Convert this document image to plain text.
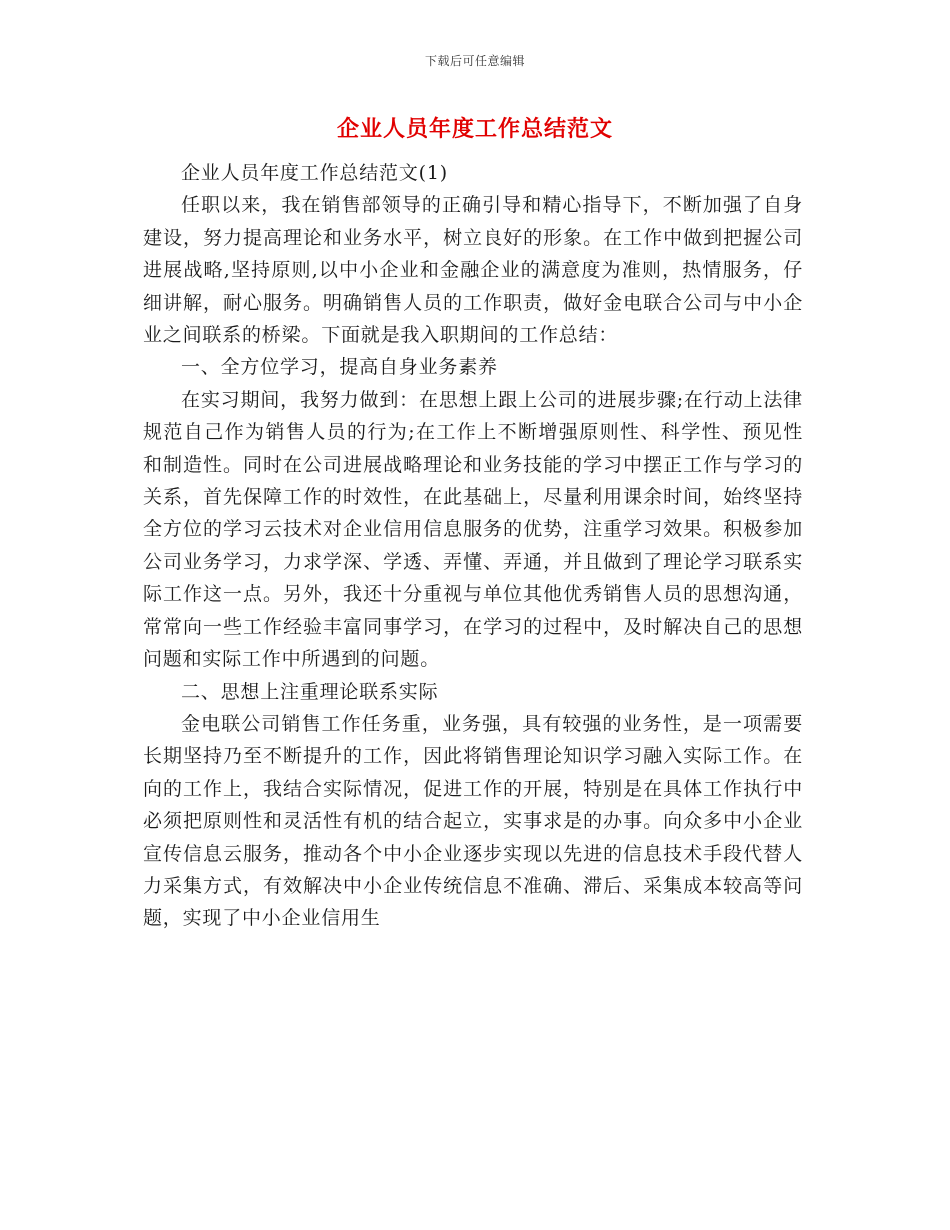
下载后可任意编辑
企业人员年度工作总结范文

企业人员年度工作总结范文(1)

任职以来，我在销售部领导的正确引导和精心指导下，不断加强了自身建设，努力提高理论和业务水平，树立良好的形象。在工作中做到把握公司进展战略,坚持原则,以中小企业和金融企业的满意度为准则，热情服务，仔细讲解，耐心服务。明确销售人员的工作职责，做好金电联合公司与中小企业之间联系的桥梁。下面就是我入职期间的工作总结：

一、全方位学习，提高自身业务素养

在实习期间，我努力做到：在思想上跟上公司的进展步骤;在行动上法律规范自己作为销售人员的行为;在工作上不断增强原则性、科学性、预见性和制造性。同时在公司进展战略理论和业务技能的学习中摆正工作与学习的关系，首先保障工作的时效性，在此基础上，尽量利用课余时间，始终坚持全方位的学习云技术对企业信用信息服务的优势，注重学习效果。积极参加公司业务学习，力求学深、学透、弄懂、弄通，并且做到了理论学习联系实际工作这一点。另外，我还十分重视与单位其他优秀销售人员的思想沟通，常常向一些工作经验丰富同事学习，在学习的过程中，及时解决自己的思想问题和实际工作中所遇到的问题。

二、思想上注重理论联系实际

金电联公司销售工作任务重，业务强，具有较强的业务性，是一项需要长期坚持乃至不断提升的工作，因此将销售理论知识学习融入实际工作。在向的工作上，我结合实际情况，促进工作的开展，特别是在具体工作执行中必须把原则性和灵活性有机的结合起立，实事求是的办事。向众多中小企业宣传信息云服务，推动各个中小企业逐步实现以先进的信息技术手段代替人力采集方式，有效解决中小企业传统信息不准确、滞后、采集成本较高等问题，实现了中小企业信用生
